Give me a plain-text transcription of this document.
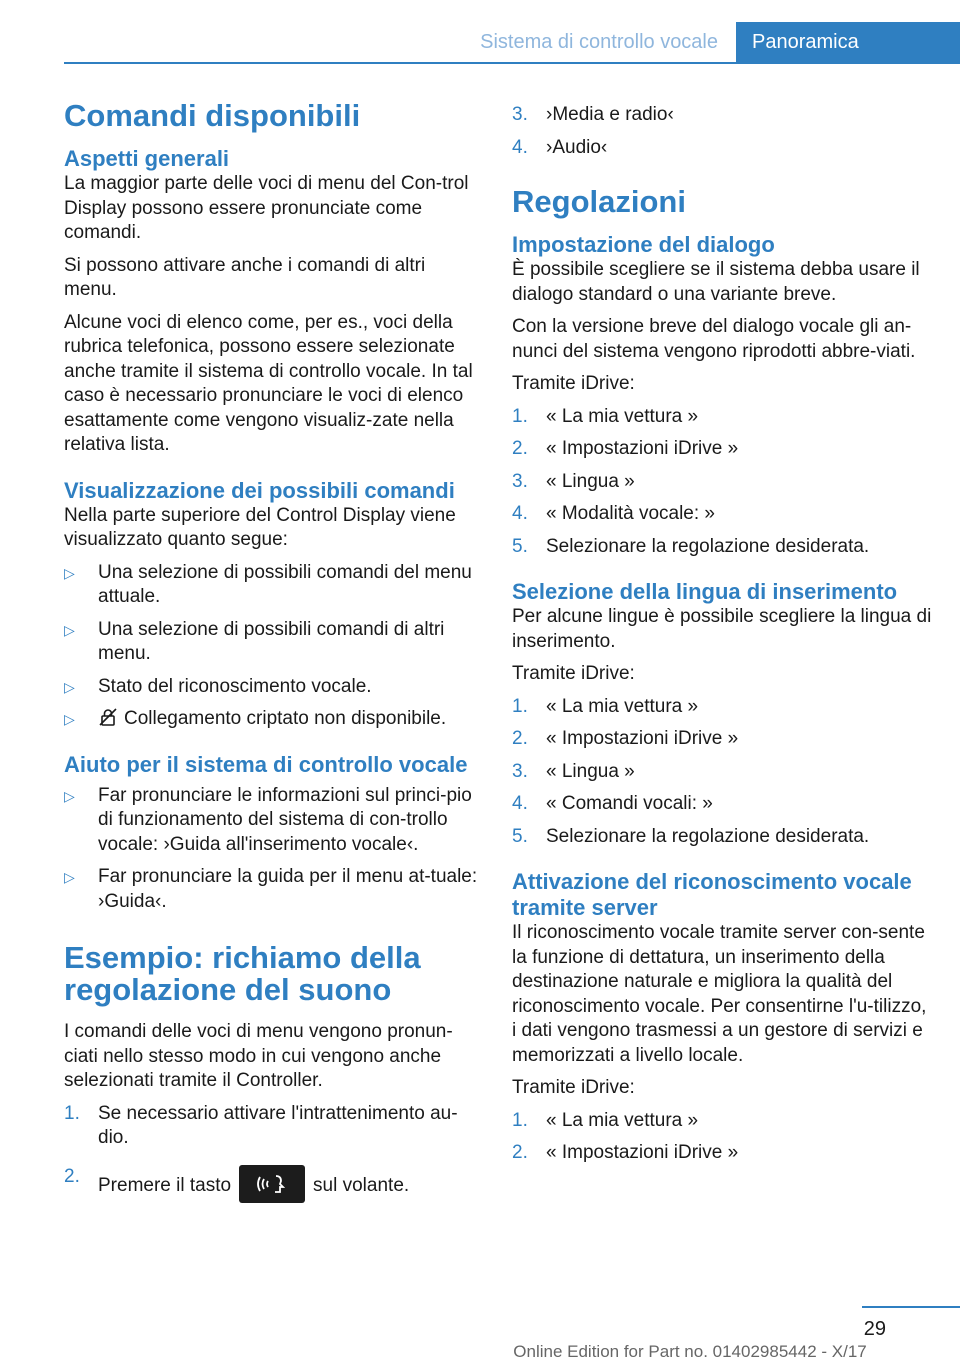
Sistema di controllo vocale	Panoramica
Comandi disponibili
Aspetti generali

La maggior parte delle voci di menu del Con-trol Display possono essere pronunciate come comandi.

Si possono attivare anche i comandi di altri menu.

Alcune voci di elenco come, per es., voci della rubrica telefonica, possono essere selezionate anche tramite il sistema di controllo vocale. In tal caso è necessario pronunciare le voci di elenco esattamente come vengono visualiz-zate nella relativa lista.

Visualizzazione dei possibili comandi

Nella parte superiore del Control Display viene visualizzato quanto segue:

▷ Una selezione di possibili comandi del menu attuale.
▷ Una selezione di possibili comandi di altri menu.
▷ Stato del riconoscimento vocale.
▷	Collegamento criptato non disponibile.
Aiuto per il sistema di controllo vocale
▷ Far pronunciare le informazioni sul princi-pio di funzionamento del sistema di con-trollo vocale: ›Guida all'inserimento vocale‹.
▷ Far pronunciare la guida per il menu at-tuale: ›Guida‹.
Esempio: richiamo della regolazione del suono

I comandi delle voci di menu vengono pronun-ciati nello stesso modo in cui vengono anche selezionati tramite il Controller.

1. Se necessario attivare l'intrattenimento au-dio.
2. Premere il tasto	sul volante.
3. ›Media e radio‹
4. ›Audio‹
Regolazioni
Impostazione del dialogo

È possibile scegliere se il sistema debba usare il dialogo standard o una variante breve.

Con la versione breve del dialogo vocale gli an-nunci del sistema vengono riprodotti abbre-viati.

Tramite iDrive:

1. « La mia vettura »
2. « Impostazioni iDrive »
3. « Lingua »
4. « Modalità vocale: »
5. Selezionare la regolazione desiderata.
Selezione della lingua di inserimento

Per alcune lingue è possibile scegliere la lingua di inserimento.

Tramite iDrive:

1. « La mia vettura »
2. « Impostazioni iDrive »
3. « Lingua »
4. « Comandi vocali: »
5. Selezionare la regolazione desiderata.
Attivazione del riconoscimento vocale tramite server

Il riconoscimento vocale tramite server con-sente la funzione di dettatura, un inserimento della destinazione naturale e migliora la qualità del riconoscimento vocale. Per consentirne l'u-tilizzo, i dati vengono trasmessi a un gestore di servizi e memorizzati a livello locale.

Tramite iDrive:

1. « La mia vettura »
2. « Impostazioni iDrive »
29
Online Edition for Part no. 01402985442 - X/17
